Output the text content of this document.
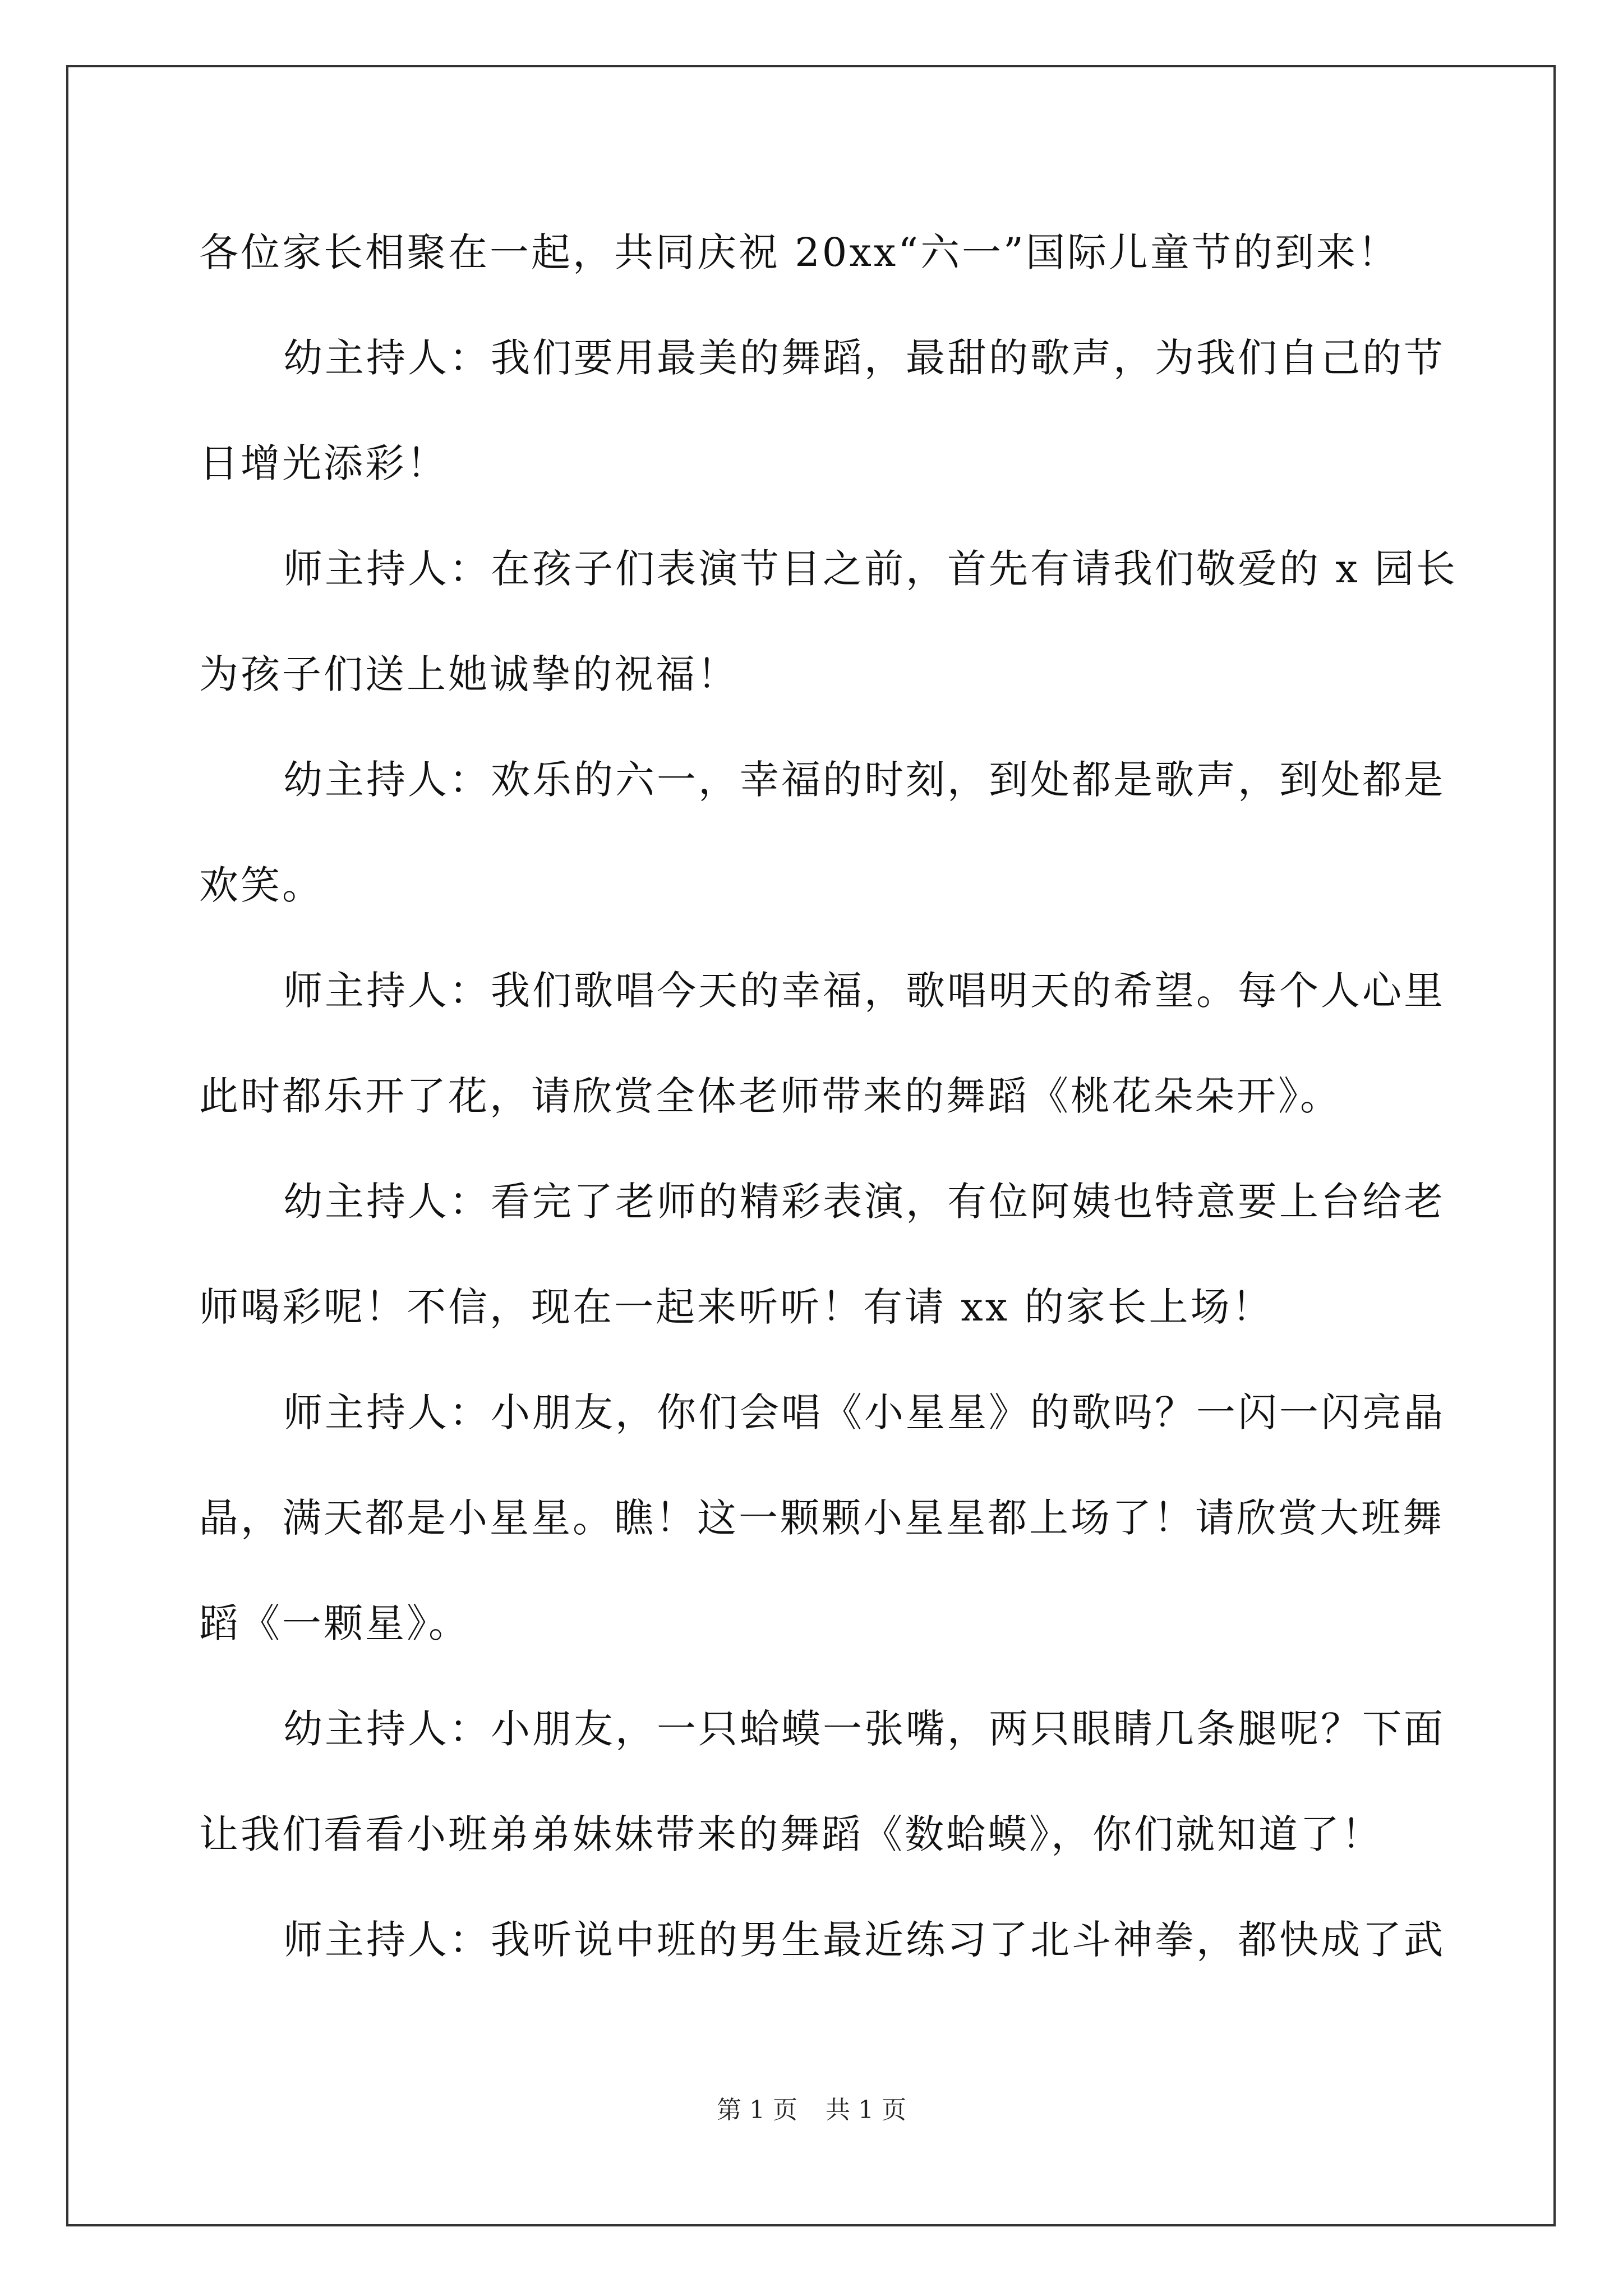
各位家长相聚在一起，共同庆祝 20xx“六一”国际儿童节的到来！
幼主持人：我们要用最美的舞蹈，最甜的歌声，为我们自己的节
日增光添彩！
师主持人：在孩子们表演节目之前，首先有请我们敬爱的 x 园长
为孩子们送上她诚挚的祝福！
幼主持人：欢乐的六一，幸福的时刻，到处都是歌声，到处都是
欢笑。
师主持人：我们歌唱今天的幸福，歌唱明天的希望。每个人心里
此时都乐开了花，请欣赏全体老师带来的舞蹈《桃花朵朵开》。
幼主持人：看完了老师的精彩表演，有位阿姨也特意要上台给老
师喝彩呢！不信，现在一起来听听！有请 xx 的家长上场！
师主持人：小朋友，你们会唱《小星星》的歌吗？一闪一闪亮晶
晶，满天都是小星星。瞧！这一颗颗小星星都上场了！请欣赏大班舞
蹈《一颗星》。
幼主持人：小朋友，一只蛤蟆一张嘴，两只眼睛几条腿呢？下面
让我们看看小班弟弟妹妹带来的舞蹈《数蛤蟆》，你们就知道了！
师主持人：我听说中班的男生最近练习了北斗神拳，都快成了武
第 1 页 共 1 页
